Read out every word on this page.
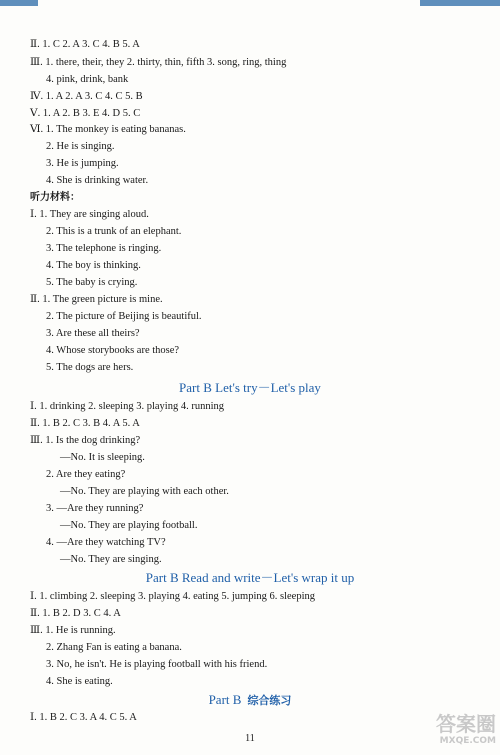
Ⅱ. 1. C 2. A 3. C 4. B 5. A
Ⅲ. 1. there, their, they 2. thirty, thin, fifth 3. song, ring, thing
4. pink, drink, bank
Ⅳ. 1. A 2. A 3. C 4. C 5. B
Ⅴ. 1. A 2. B 3. E 4. D 5. C
Ⅵ. 1. The monkey is eating bananas.
2. He is singing.
3. He is jumping.
4. She is drinking water.
听力材料：
Ⅰ. 1. They are singing aloud.
2. This is a trunk of an elephant.
3. The telephone is ringing.
4. The boy is thinking.
5. The baby is crying.
Ⅱ. 1. The green picture is mine.
2. The picture of Beijing is beautiful.
3. Are these all theirs?
4. Whose storybooks are those?
5. The dogs are hers.
Part B Let's try－Let's play
Ⅰ. 1. drinking 2. sleeping 3. playing 4. running
Ⅱ. 1. B 2. C 3. B 4. A 5. A
Ⅲ. 1. Is the dog drinking?
—No. It is sleeping.
2. Are they eating?
—No. They are playing with each other.
3. —Are they running?
—No. They are playing football.
4. —Are they watching TV?
—No. They are singing.
Part B Read and write－Let's wrap it up
Ⅰ. 1. climbing 2. sleeping 3. playing 4. eating 5. jumping 6. sleeping
Ⅱ. 1. B 2. D 3. C 4. A
Ⅲ. 1. He is running.
2. Zhang Fan is eating a banana.
3. No, he isn't. He is playing football with his friend.
4. She is eating.
Part B 综合练习
Ⅰ. 1. B 2. C 3. A 4. C 5. A
11
答案圈
MXQE.COM
